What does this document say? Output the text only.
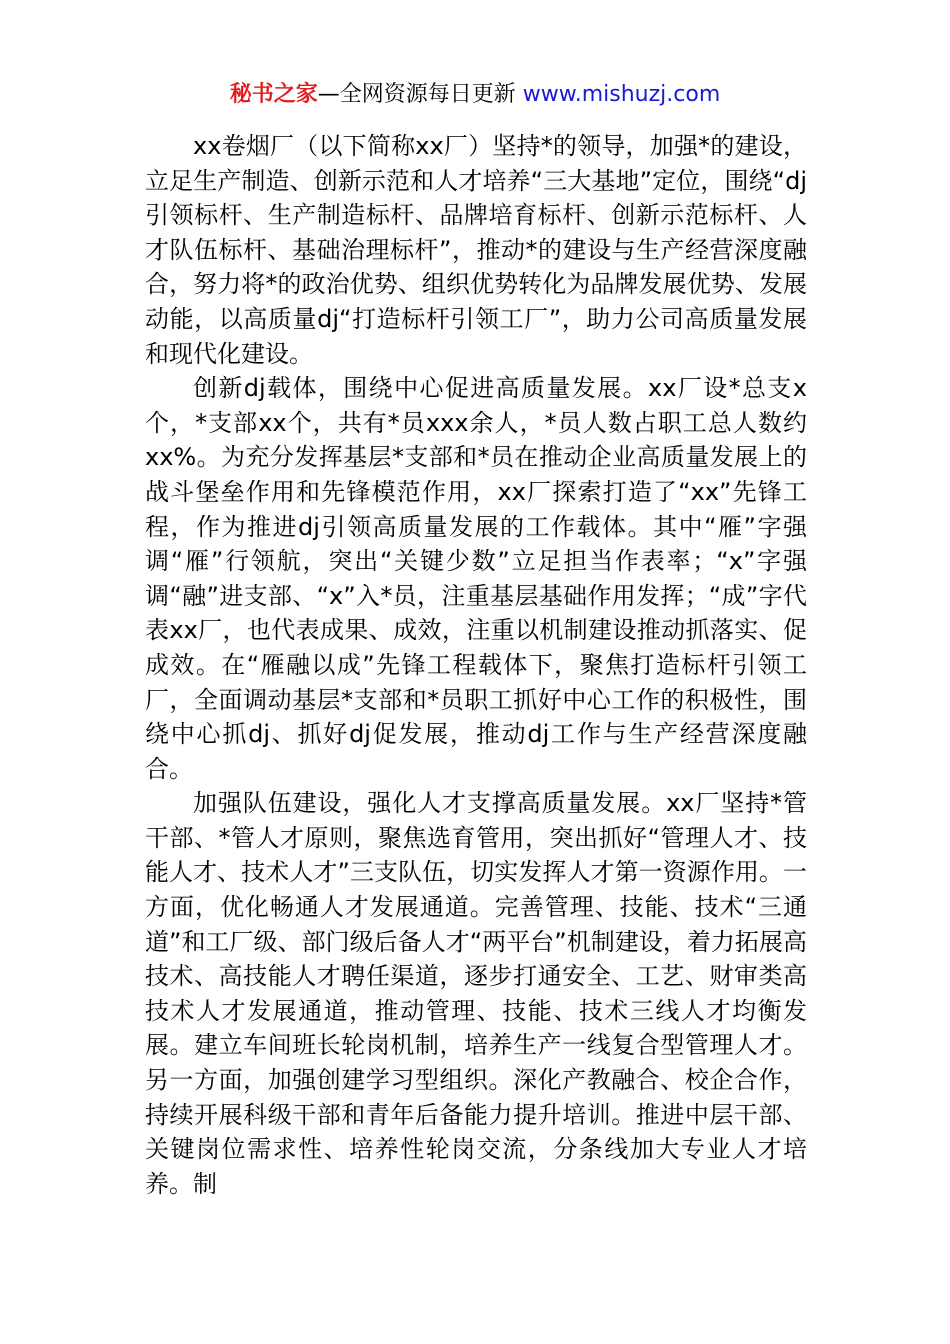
秘书之家—全网资源每日更新 www.mishuzj.com

xx卷烟厂（以下简称xx厂）坚持*的领导，加强*的建设，立足生产制造、创新示范和人才培养“三大基地”定位，围绕“dj引领标杆、生产制造标杆、品牌培育标杆、创新示范标杆、人才队伍标杆、基础治理标杆”，推动*的建设与生产经营深度融合，努力将*的政治优势、组织优势转化为品牌发展优势、发展动能，以高质量dj“打造标杆引领工厂”，助力公司高质量发展和现代化建设。

创新dj载体，围绕中心促进高质量发展。xx厂设*总支x个，*支部xx个，共有*员xxx余人，*员人数占职工总人数约xx%。为充分发挥基层*支部和*员在推动企业高质量发展上的战斗堡垒作用和先锋模范作用，xx厂探索打造了“xx”先锋工程，作为推进dj引领高质量发展的工作载体。其中“雁”字强调“雁”行领航，突出“关键少数”立足担当作表率；“x”字强调“融”进支部、“x”入*员，注重基层基础作用发挥；“成”字代表xx厂，也代表成果、成效，注重以机制建设推动抓落实、促成效。在“雁融以成”先锋工程载体下，聚焦打造标杆引领工厂，全面调动基层*支部和*员职工抓好中心工作的积极性，围绕中心抓dj、抓好dj促发展，推动dj工作与生产经营深度融合。

加强队伍建设，强化人才支撑高质量发展。xx厂坚持*管干部、*管人才原则，聚焦选育管用，突出抓好“管理人才、技能人才、技术人才”三支队伍，切实发挥人才第一资源作用。一方面，优化畅通人才发展通道。完善管理、技能、技术“三通道”和工厂级、部门级后备人才“两平台”机制建设，着力拓展高技术、高技能人才聘任渠道，逐步打通安全、工艺、财审类高技术人才发展通道，推动管理、技能、技术三线人才均衡发展。建立车间班长轮岗机制，培养生产一线复合型管理人才。另一方面，加强创建学习型组织。深化产教融合、校企合作，持续开展科级干部和青年后备能力提升培训。推进中层干部、关键岗位需求性、培养性轮岗交流，分条线加大专业人才培养。制
